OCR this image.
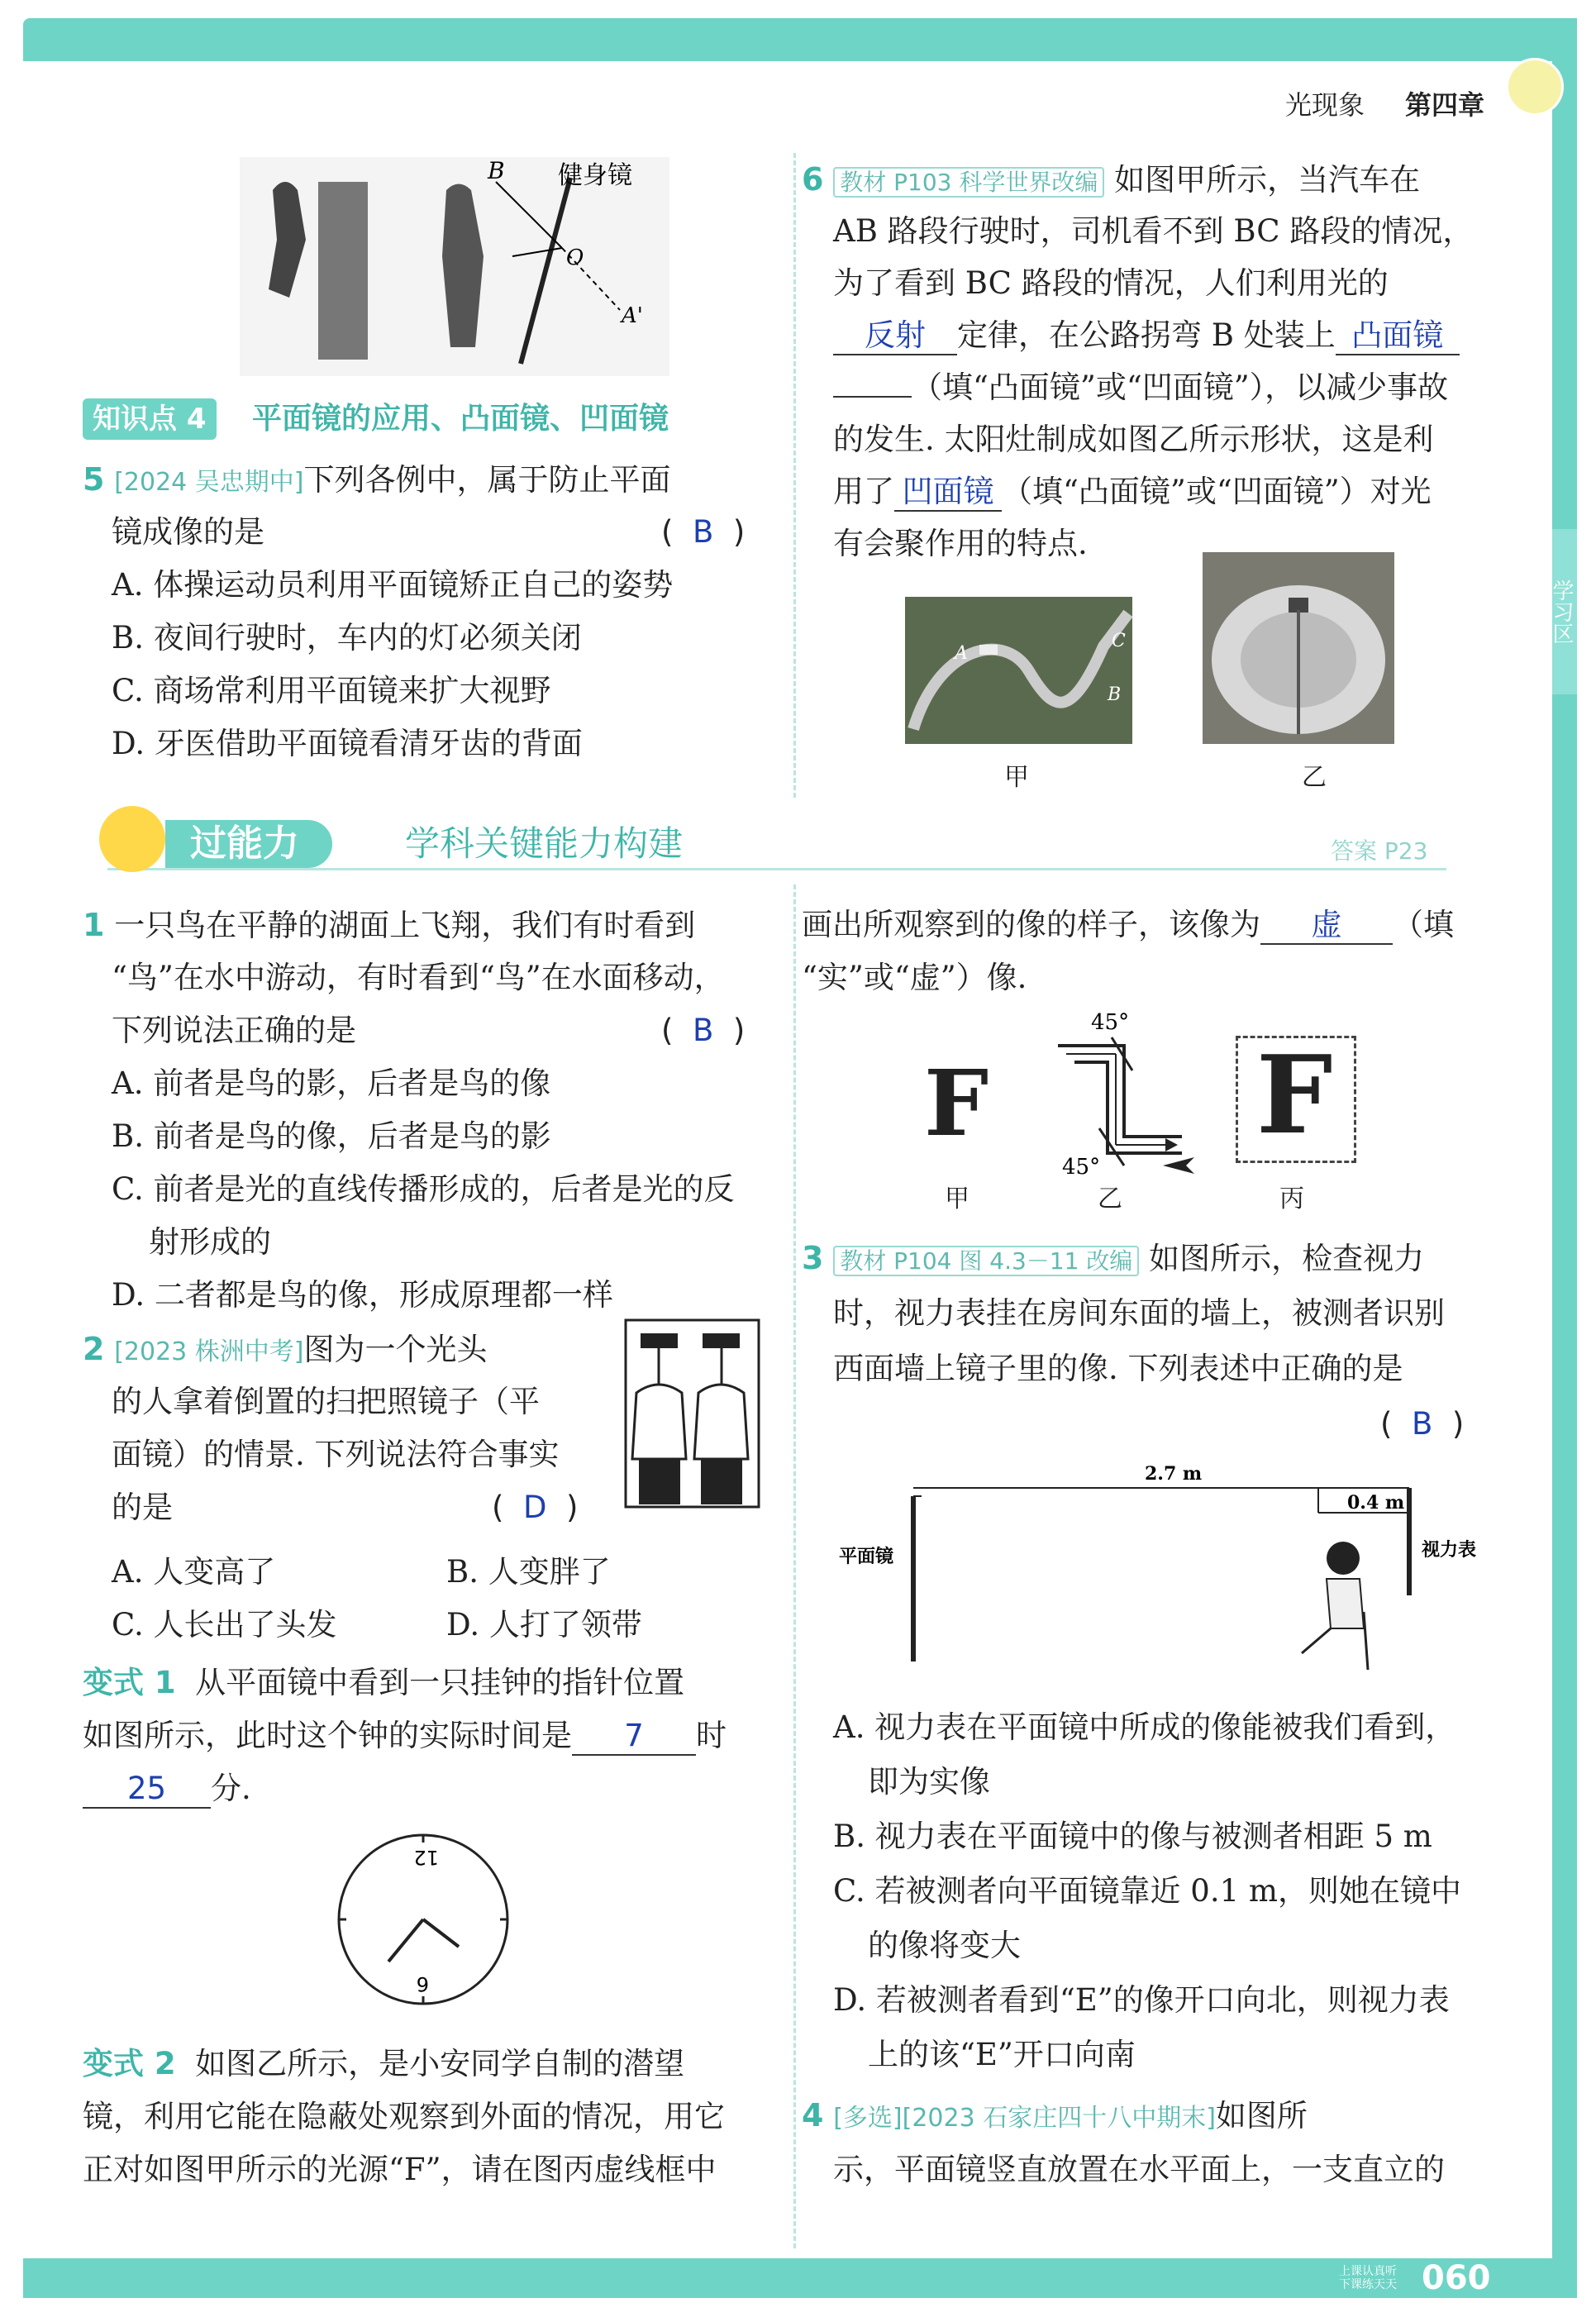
光现象 第四章
学习区
B
O
A'
健身镜
知识点 4	平面镜的应用、凸面镜、凹面镜
5 [2024 吴忠期中]下列各例中，属于防止平面
镜成像的是	(  B  )
A. 体操运动员利用平面镜矫正自己的姿势
B. 夜间行驶时，车内的灯必须关闭
C. 商场常利用平面镜来扩大视野
D. 牙医借助平面镜看清牙齿的背面
6 教材 P103 科学世界改编 如图甲所示，当汽车在
AB 路段行驶时，司机看不到 BC 路段的情况，
为了看到 BC 路段的情况，人们利用光的
反射 定律，在公路拐弯 B 处装上 凸面镜
（填“凸面镜”或“凹面镜”），以减少事故
的发生. 太阳灶制成如图乙所示形状，这是利
用了 凹面镜 （填“凸面镜”或“凹面镜”）对光
有会聚作用的特点.
A
B
C
甲	乙
过能力	学科关键能力构建	答案 P23
1 一只鸟在平静的湖面上飞翔，我们有时看到
“鸟”在水中游动，有时看到“鸟”在水面移动，
下列说法正确的是	(  B  )
A. 前者是鸟的影，后者是鸟的像
B. 前者是鸟的像，后者是鸟的影
C. 前者是光的直线传播形成的，后者是光的反
射形成的
D. 二者都是鸟的像，形成原理都一样
2 [2023 株洲中考]图为一个光头
的人拿着倒置的扫把照镜子（平
面镜）的情景. 下列说法符合事实
的是	(  D  )
A. 人变高了	B. 人变胖了
C. 人长出了头发	D. 人打了领带
变式 1 从平面镜中看到一只挂钟的指针位置
如图所示，此时这个钟的实际时间是 7 时
25 分.
12
6
变式 2 如图乙所示，是小安同学自制的潜望
镜，利用它能在隐蔽处观察到外面的情况，用它
正对如图甲所示的光源“F”，请在图丙虚线框中
画出所观察到的像的样子，该像为 虚 （填
“实”或“虚”）像.
F
甲
45°
45°
乙
F
丙
3 教材 P104 图 4.3－11 改编 如图所示，检查视力
时，视力表挂在房间东面的墙上，被测者识别
西面墙上镜子里的像. 下列表述中正确的是
(  B  )
2.7 m
0.4 m
平面镜	视力表
A. 视力表在平面镜中所成的像能被我们看到，
即为实像
B. 视力表在平面镜中的像与被测者相距 5 m
C. 若被测者向平面镜靠近 0.1 m，则她在镜中
的像将变大
D. 若被测者看到“E”的像开口向北，则视力表
上的该“E”开口向南
4 [多选][2023 石家庄四十八中期末]如图所
示，平面镜竖直放置在水平面上，一支直立的
上课认真听
下课练天天 060
